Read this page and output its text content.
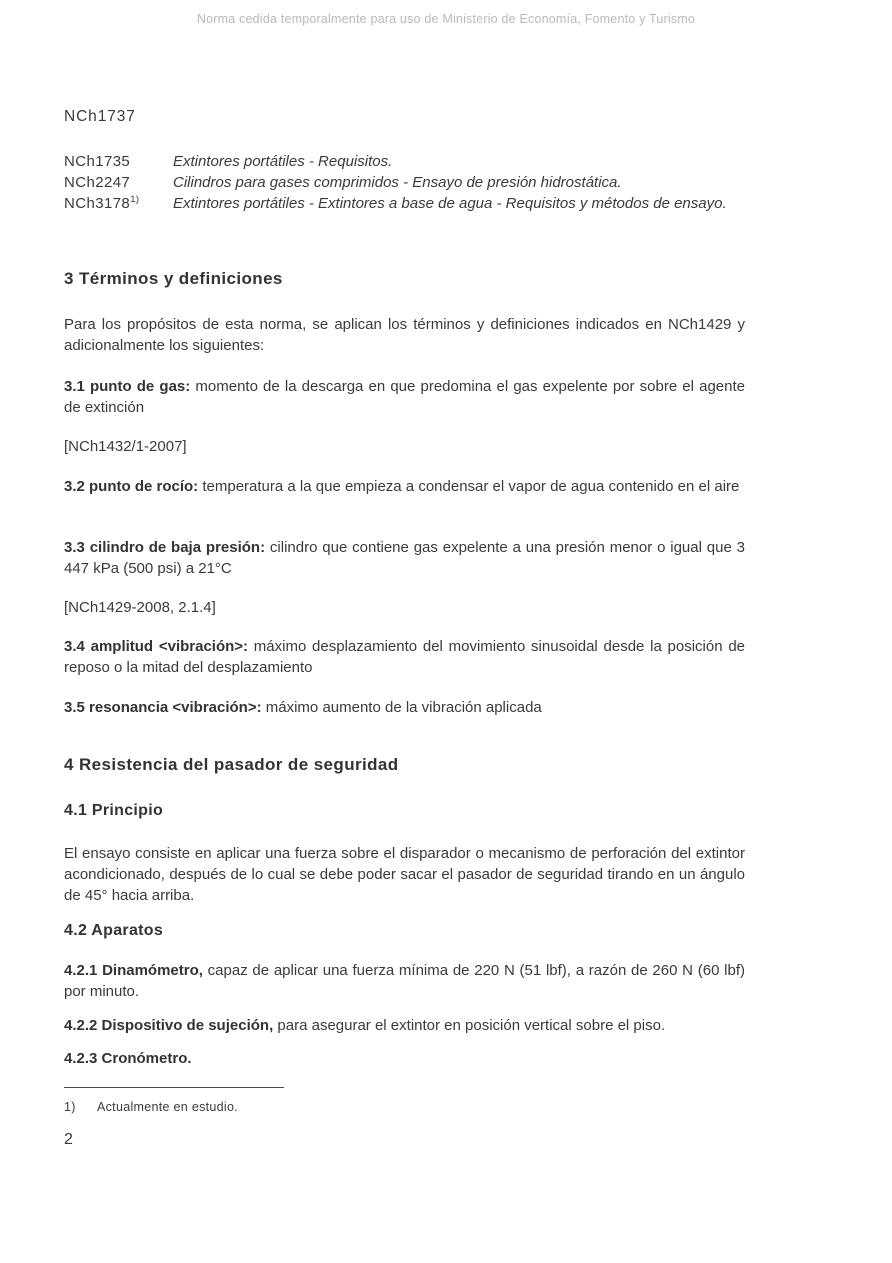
Norma cedida temporalmente para uso de Ministerio de Economía, Fomento y Turismo
NCh1737
NCh1735	Extintores portátiles - Requisitos.
NCh2247	Cilindros para gases comprimidos - Ensayo de presión hidrostática.
NCh3178$^{1)}$	Extintores portátiles - Extintores a base de agua - Requisitos y métodos de ensayo.
3 Términos y definiciones
Para los propósitos de esta norma, se aplican los términos y definiciones indicados en NCh1429 y adicionalmente los siguientes:
3.1 punto de gas: momento de la descarga en que predomina el gas expelente por sobre el agente de extinción
[NCh1432/1-2007]
3.2 punto de rocío: temperatura a la que empieza a condensar el vapor de agua contenido en el aire
3.3 cilindro de baja presión: cilindro que contiene gas expelente a una presión menor o igual que 3 447 kPa (500 psi) a 21°C
[NCh1429-2008, 2.1.4]
3.4 amplitud <vibración>: máximo desplazamiento del movimiento sinusoidal desde la posición de reposo o la mitad del desplazamiento
3.5 resonancia <vibración>: máximo aumento de la vibración aplicada
4 Resistencia del pasador de seguridad
4.1 Principio
El ensayo consiste en aplicar una fuerza sobre el disparador o mecanismo de perforación del extintor acondicionado, después de lo cual se debe poder sacar el pasador de seguridad tirando en un ángulo de 45° hacia arriba.
4.2 Aparatos
4.2.1 Dinamómetro, capaz de aplicar una fuerza mínima de 220 N (51 lbf), a razón de 260 N (60 lbf) por minuto.
4.2.2 Dispositivo de sujeción, para asegurar el extintor en posición vertical sobre el piso.
4.2.3 Cronómetro.
1)	Actualmente en estudio.
2
